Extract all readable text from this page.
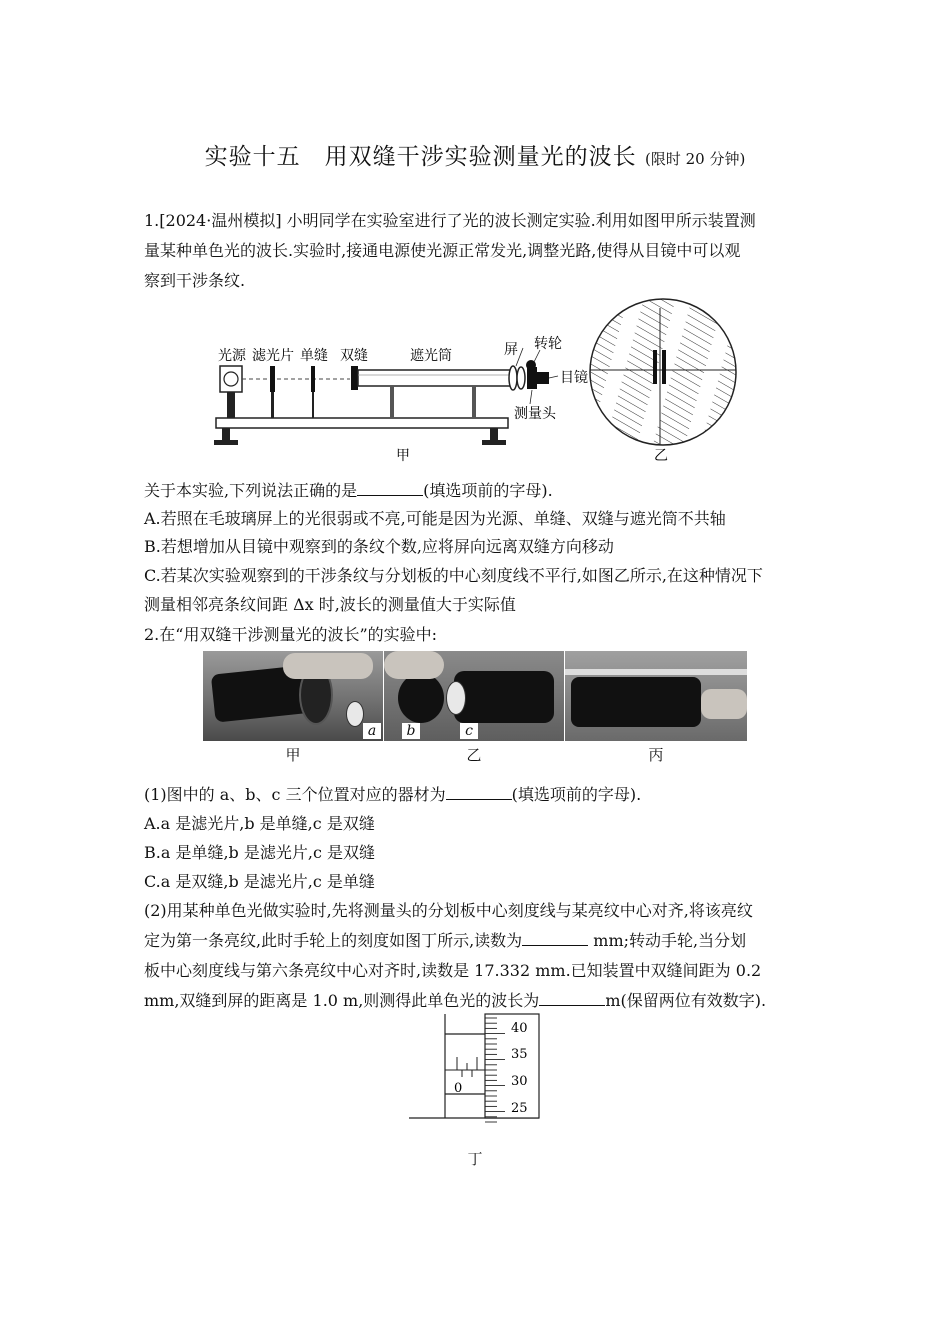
实验十五　用双缝干涉实验测量光的波长 (限时 20 分钟)
1.[2024·温州模拟] 小明同学在实验室进行了光的波长测定实验.利用如图甲所示装置测
量某种单色光的波长.实验时,接通电源使光源正常发光,调整光路,使得从目镜中可以观
察到干涉条纹.
光源 滤光片 单缝 双缝	遮光筒	屏 转轮
目镜
测量头
甲	乙
关于本实验,下列说法正确的是	(填选项前的字母).
A.若照在毛玻璃屏上的光很弱或不亮,可能是因为光源、单缝、双缝与遮光筒不共轴
B.若想增加从目镜中观察到的条纹个数,应将屏向远离双缝方向移动
C.若某次实验观察到的干涉条纹与分划板的中心刻度线不平行,如图乙所示,在这种情况下
测量相邻亮条纹间距 Δx 时,波长的测量值大于实际值
2.在“用双缝干涉测量光的波长”的实验中:
a	b	c
甲	乙	丙
(1)图中的 a、b、c 三个位置对应的器材为	(填选项前的字母).
A.a 是滤光片,b 是单缝,c 是双缝
B.a 是单缝,b 是滤光片,c 是双缝
C.a 是双缝,b 是滤光片,c 是单缝
(2)用某种单色光做实验时,先将测量头的分划板中心刻度线与某亮纹中心对齐,将该亮纹
定为第一条亮纹,此时手轮上的刻度如图丁所示,读数为	mm;转动手轮,当分划
板中心刻度线与第六条亮纹中心对齐时,读数是 17.332 mm.已知装置中双缝间距为 0.2
mm,双缝到屏的距离是 1.0 m,则测得此单色光的波长为	m(保留两位有效数字).
0
40
35
30
25
丁
